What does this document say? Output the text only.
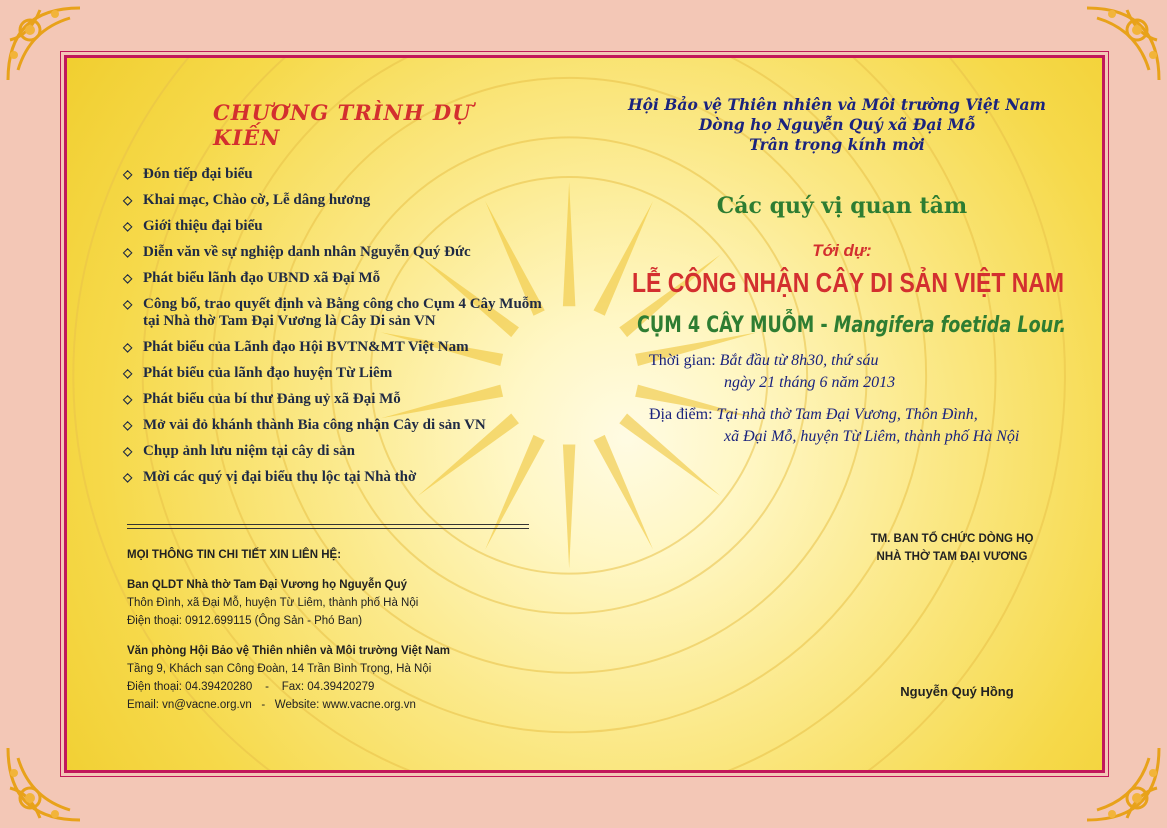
CHƯƠNG TRÌNH DỰ KIẾN
◇ Đón tiếp đại biểu
◇ Khai mạc, Chào cờ, Lễ dâng hương
◇ Giới thiệu đại biểu
◇ Diễn văn về sự nghiệp danh nhân Nguyễn Quý Đức
◇ Phát biểu lãnh đạo UBND xã Đại Mỗ
◇ Công bố, trao quyết định và Bằng công cho Cụm 4 Cây Muỗm tại Nhà thờ Tam Đại Vương là Cây Di sản VN
◇ Phát biểu của Lãnh đạo Hội BVTN&MT Việt Nam
◇ Phát biểu của lãnh đạo huyện Từ Liêm
◇ Phát biểu của bí thư Đảng uỷ xã Đại Mỗ
◇ Mở vải đỏ khánh thành Bia công nhận Cây di sản VN
◇ Chụp ảnh lưu niệm tại cây di sản
◇ Mời các quý vị đại biểu thụ lộc tại Nhà thờ
MỌI THÔNG TIN CHI TIẾT XIN LIÊN HỆ:
Ban QLDT Nhà thờ Tam Đại Vương họ Nguyễn Quý
Thôn Đình, xã Đại Mỗ, huyện Từ Liêm, thành phố Hà Nội
Điện thoại: 0912.699115 (Ông Sản - Phó Ban)
Văn phòng Hội Bảo vệ Thiên nhiên và Môi trường Việt Nam
Tầng 9, Khách sạn Công Đoàn, 14 Trần Bình Trọng, Hà Nội
Điện thoại: 04.39420280    -    Fax: 04.39420279
Email: vn@vacne.org.vn   -   Website: www.vacne.org.vn
Hội Bảo vệ Thiên nhiên và Môi trường Việt Nam
Dòng họ Nguyễn Quý xã Đại Mỗ
Trân trọng kính mời
Các quý vị quan tâm
Tới dự:
LỄ CÔNG NHẬN CÂY DI SẢN VIỆT NAM
CỤM 4 CÂY MUỖM - Mangifera foetida Lour.
Thời gian: Bắt đầu từ 8h30, thứ sáu
ngày 21 tháng 6 năm 2013
Địa điểm: Tại nhà thờ Tam Đại Vương, Thôn Đình,
xã Đại Mỗ, huyện Từ Liêm, thành phố Hà Nội
TM. BAN TỔ CHỨC DÒNG HỌ
NHÀ THỜ TAM ĐẠI VƯƠNG
Nguyễn Quý Hồng
